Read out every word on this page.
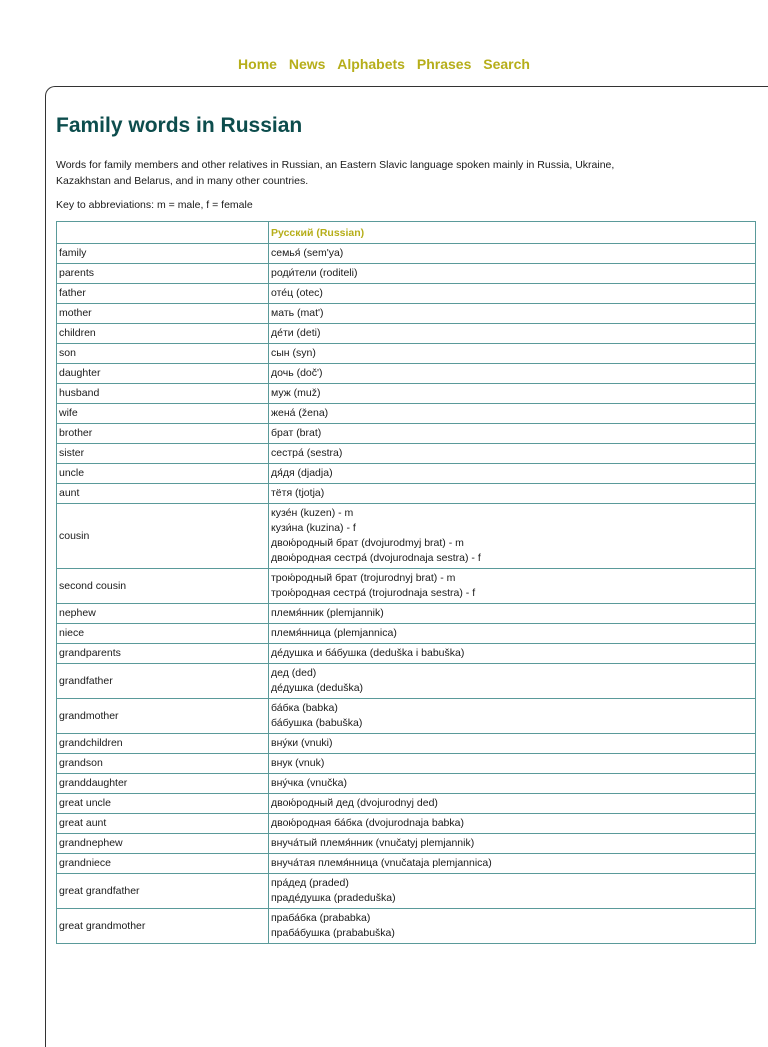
Home News Alphabets Phrases Search
Family words in Russian

Words for family members and other relatives in Russian, an Eastern Slavic language spoken mainly in Russia, Ukraine, Kazakhstan and Belarus, and in many other countries.

Key to abbreviations: m = male, f = female

	Русский (Russian)
family	семья́ (sem'ya)

parents	роди́тели (roditeli)

father	оте́ц (otec)

mother	мать (mat')

children	де́ти (deti)

son	сын (syn)

daughter	дочь (doč')

husband	муж (muž)

wife	жена́ (žena)

brother	брат (brat)

sister	сестра́ (sestra)

uncle	дя́дя (djadja)

aunt	тётя (tjotja)

cousin	кузе́н (kuzen) - m
кузи́на (kuzina) - f
двою́родный брат (dvojurodmyj brat) - m
двою́родная сестра́ (dvojurodnaja sestra) - f

second cousin	трою́родный брат (trojurodnyj brat) - m
трою́родная сестра́ (trojurodnaja sestra) - f

nephew	племя́нник (plemjannik)

niece	племя́нница (plemjannica)

grandparents	де́душка и ба́бушка (deduška i babuška)

grandfather	дед (ded)
де́душка (deduška)

grandmother	ба́бка (babka)
ба́бушка (babuška)

grandchildren	вну́ки (vnuki)

grandson	внук (vnuk)

granddaughter	вну́чка (vnučka)

great uncle	двою́родный дед (dvojurodnyj ded)

great aunt	двою́родная ба́бка (dvojurodnaja babka)

grandnephew	внуча́тый племя́нник (vnučatyj plemjannik)

grandniece	внуча́тая племя́нница (vnučataja plemjannica)

great grandfather	пра́дед (praded)
праде́душка (pradeduška)

great grandmother	праба́бка (prababka)
праба́бушка (prababuška)
